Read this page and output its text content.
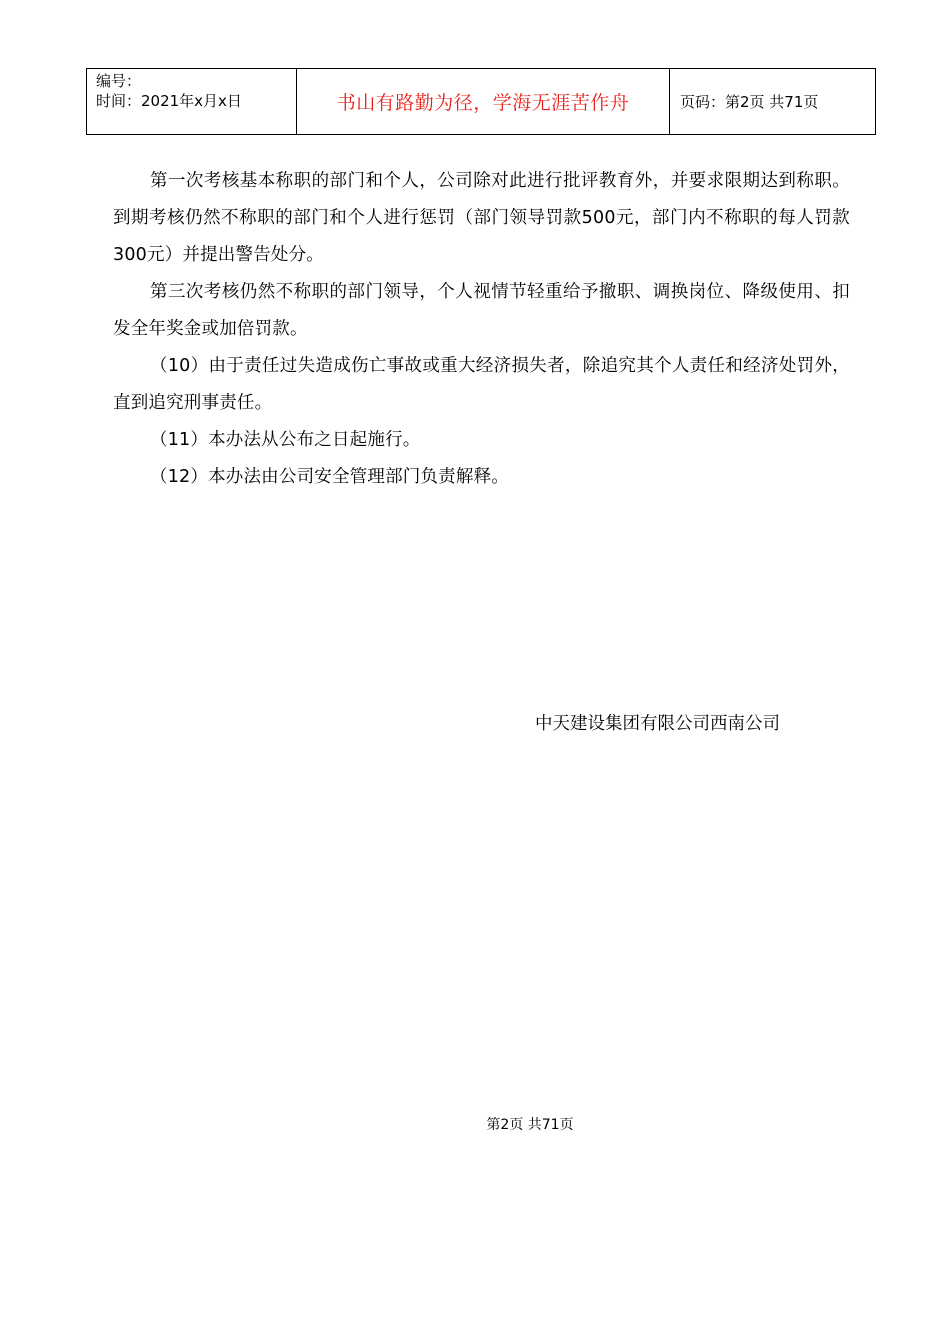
编号：
时间：2021年x月x日	书山有路勤为径，学海无涯苦作舟	页码：第2页 共71页

第一次考核基本称职的部门和个人，公司除对此进行批评教育外，并要求限期达到称职。到期考核仍然不称职的部门和个人进行惩罚（部门领导罚款500元，部门内不称职的每人罚款300元）并提出警告处分。

第三次考核仍然不称职的部门领导，个人视情节轻重给予撤职、调换岗位、降级使用、扣发全年奖金或加倍罚款。

（10）由于责任过失造成伤亡事故或重大经济损失者，除追究其个人责任和经济处罚外，直到追究刑事责任。

（11）本办法从公布之日起施行。

（12）本办法由公司安全管理部门负责解释。

中天建设集团有限公司西南公司
第2页 共71页
